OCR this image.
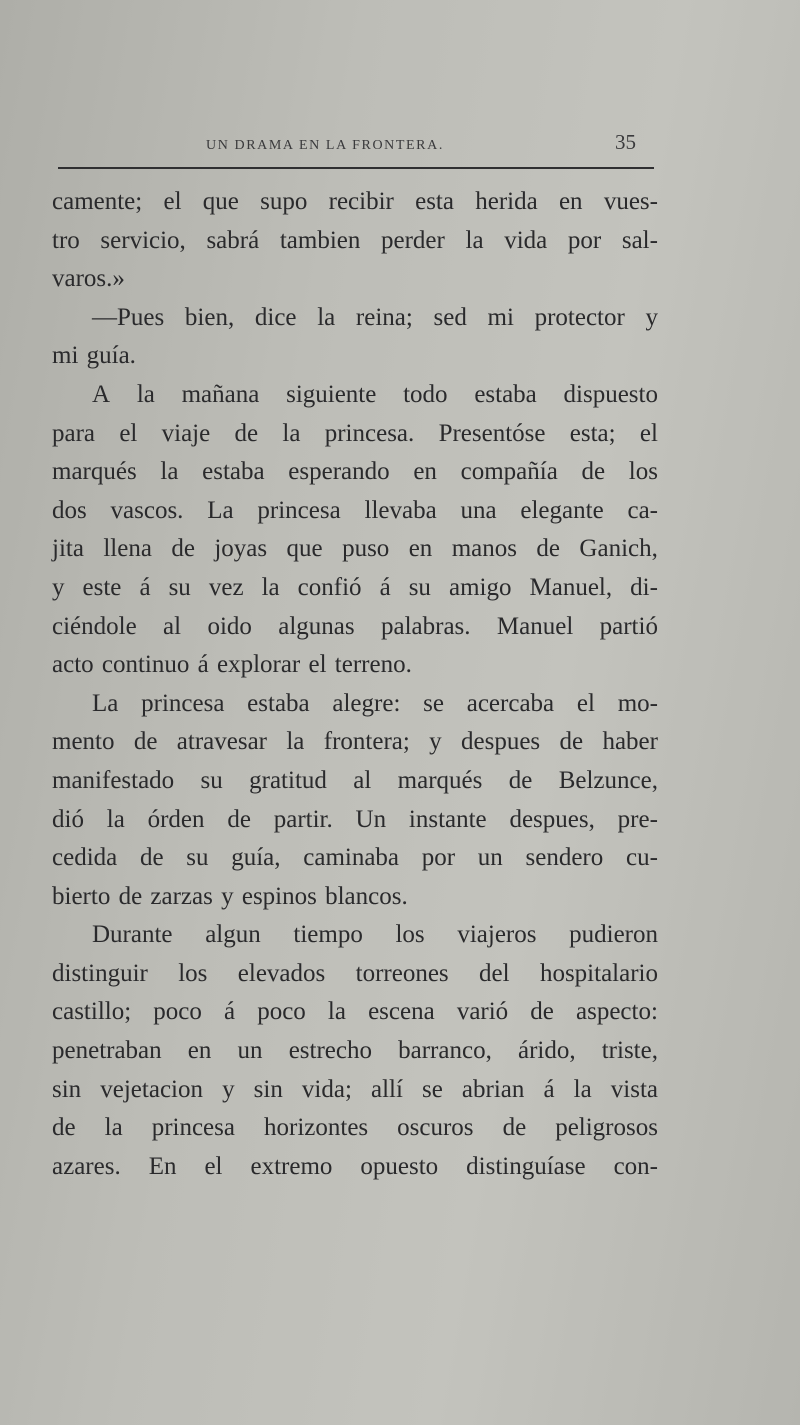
UN DRAMA EN LA FRONTERA.	35
camente; el que supo recibir esta herida en vues-
tro servicio, sabrá tambien perder la vida por sal-
varos.»
—Pues bien, dice la reina; sed mi protector y
mi guía.
A la mañana siguiente todo estaba dispuesto
para el viaje de la princesa. Presentóse esta; el
marqués la estaba esperando en compañía de los
dos vascos. La princesa llevaba una elegante ca-
jita llena de joyas que puso en manos de Ganich,
y este á su vez la confió á su amigo Manuel, di-
ciéndole al oido algunas palabras. Manuel partió
acto continuo á explorar el terreno.
La princesa estaba alegre: se acercaba el mo-
mento de atravesar la frontera; y despues de haber
manifestado su gratitud al marqués de Belzunce,
dió la órden de partir. Un instante despues, pre-
cedida de su guía, caminaba por un sendero cu-
bierto de zarzas y espinos blancos.
Durante algun tiempo los viajeros pudieron
distinguir los elevados torreones del hospitalario
castillo; poco á poco la escena varió de aspecto:
penetraban en un estrecho barranco, árido, triste,
sin vejetacion y sin vida; allí se abrian á la vista
de la princesa horizontes oscuros de peligrosos
azares. En el extremo opuesto distinguíase con-
